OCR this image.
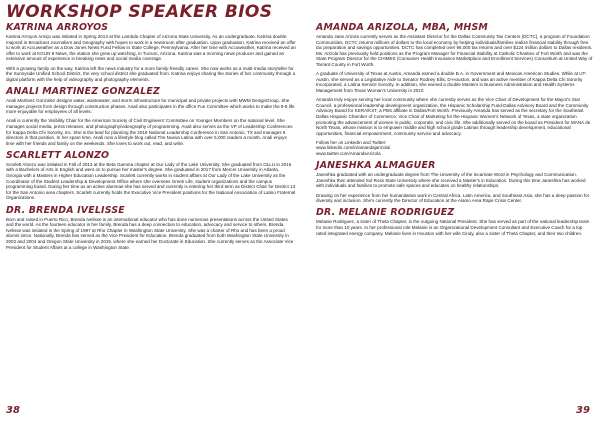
WORKSHOP SPEAKER BIOS
KATRINA ARROYOS

Katrina Arroyos Armijo was initiated in Spring 2013 at the Lambda Chapter of Arizona State University. As an undergraduate, Katrina double majored in Broadcast Journalism and Geography with hopes to work in a newsroom after graduation. Upon graduation, Katrina received an offer to work at Accuweather as a Dow Jones News Fund Fellow in State College, Pennsylvania. After her time with Accuweather, Katrina received an offer to work at KGUN 9 News, the station she grew up watching, in Tucson, Arizona. Katrina was a morning news producer and gained an extensive amount of experience in breaking news and social media coverage.

With a growing family on the way, Katrina left the news industry for a more family-friendly career. She now works as a multi-media storyteller for the Sunnyside Unified School District, the very school district she graduated from. Katrina enjoys sharing the stories of her community through a digital platform with the help of videography and photography elements.

ANALI MARTINEZ GONZALEZ

Anali Martinez Gonzalez designs water, wastewater, and storm infrastructure for municipal and private projects with MWM DesignGroup. She manages projects from design through construction phases. Anali also participates in the office Fun Committee which works to make the 9-5 life more enjoyable for employees of all levels.

Anali is currently the Visibility Chair for the American Society of Civil Engineers' Committee on Younger Members on the national level. She manages social media, press releases, and photography/videography of programming. Anali also serves as the VP of Leadership Conferences for Kappa Delta Chi Sorority, Inc. She is the lead for planning the 2019 National Leadership Conference in San Antonio, TX and manages 8 directors in that position. In her spare time, Anali runs a lifestyle blog called The Nueva Latina with over 5,000 readers a month. Anali enjoys time with her friends and family on the weekends. She loves to work out, read, and write.

SCARLETT ALONZO

Scarlett Alonzo was initiated in Fall of 2013 at the Beta Gamma chapter at Our Lady of the Lake University. She graduated from OLLU in 2016 with a Bachelors of Arts in English and went on to pursue her master's degree. She graduated in 2017 from Mercer University in Atlanta, Georgia with a Masters in Higher Education Leadership. Scarlett currently works in student affairs at Our Lady of the Lake University as the Coordinator of the Student Leadership & Development Office where she oversees Greek Life, student organizations and the campus programming board. During her time as an active alumnae she has served and currently is entering her third term as District Chair for District 13 for the San Antonio area chapters. Scarlett currently holds the Executive Vice President positions for the National Association of Latino Fraternal Organizations.

DR. BRENDA IVELISSE

Born and raised in Puerto Rico, Brenda Ivelisse is an international educator who has done numerous presentations across the United States and the world. As the fourteen educator in her family, Brenda has a deep connection to education, advocacy and service to others. Brenda Ivelisse was initiated in the Spring of 1997 at Rho Chapter in Washington State University. She was a charter of Rho and has been a proud alumni since. Nationally, Brenda has served as the Vice President for Education. Brenda graduated from both Washington State University in 2002 and 2004 and Oregon State University in 2015, where she earned her Doctorate in Education. She currently serves as the Associate Vice President for Student Affairs at a college in Washington State.

AMANDA ARIZOLA, MBA, MHSM

Amanda Jane Arizola currently serves as the Assistant Director for the Dallas Community Tax Centers (DCTC), a program of Foundation Communities. DCTC returns millions of dollars to the local economy by helping individuals/families realize financial stability through free tax preparation and savings opportunities. DCTC has completed over 96,000 tax returns and over $124 million dollars to Dallas residents. Ms. Arizola has previously held positions as the Program Manager for Financial Stability at Catholic Charities of Fort Worth and was the State Program Director for the CHIMES (Consumer Health Insurance Marketplace and Enrollment Services) Consortium at United Way of Tarrant County in Fort Worth.

A graduate of University of Texas at Austin, Amanda earned a double B.A. in Government and Mexican American Studies. While at UT-Austin, she served as a Legislative Aide to Senator Rodney Ellis, D-Houston, and was an active member of Kappa Delta Chi Sorority Incorporated, a Latina Service Sorority. In addition, she earned a double Masters in Business Administration and Health Systems Management from Texas Woman's University in 2010.

Amanda truly enjoys serving her local community where she currently serves as the Vice Chair of Development for the Mayor's Star Council, a professional leadership development organization, the Hispanic Scholarship Fund-Dallas Advisory Board and the Community Advisory Board for KERA/KXT, a PBS affiliate in Dallas/Fort Worth. Previously Amanda has served as the secretary for the Southeast Dallas Hispanic Chamber of Commerce, Vice Chair of Marketing for the Hispanic Women's Network of Texas, a state organization promoting the advancement of women in public, corporate, and civic life. She additionally served on the board as President for MANA de North Texas, whose mission is to empower middle and high school grade Latinas through leadership development, educational opportunities, financial empowerment, community service and advocacy.

Follow her on LinkedIn and Twitter:

www.linkedin.com/in/amandajarizola/

www.twitter.com/AmandaArizola

JANESHKA ALMAGUER

Janeshka graduated with an undergraduate degree from The University of the Incarnate Word in Psychology and Communication. Janeshka then attended Sul Ross State University where she received a Master's in Education. During this time Janeshka has worked with individuals and families to promote safe spaces and educates on healthy relationships.

Drawing on her experience from her humanitarian work in Central Africa, Latin America, and Southeast Asia, she has a deep passion for diversity and inclusion. She's currently the Director of Education at the Alamo Area Rape Crisis Center.

DR. MELANIE RODRIGUEZ

Melanie Rodriguez, a sister of Theta Chapter, is the outgoing National President. She has served as part of the national leadership team for more than 10 years. In her professional role Melanie is an Organizational Development Consultant and Executive Coach for a top rated integrated energy company. Melanie lives in Houston with her wife Cindy, also a sister of Theta Chapter, and their two children.

38	39
